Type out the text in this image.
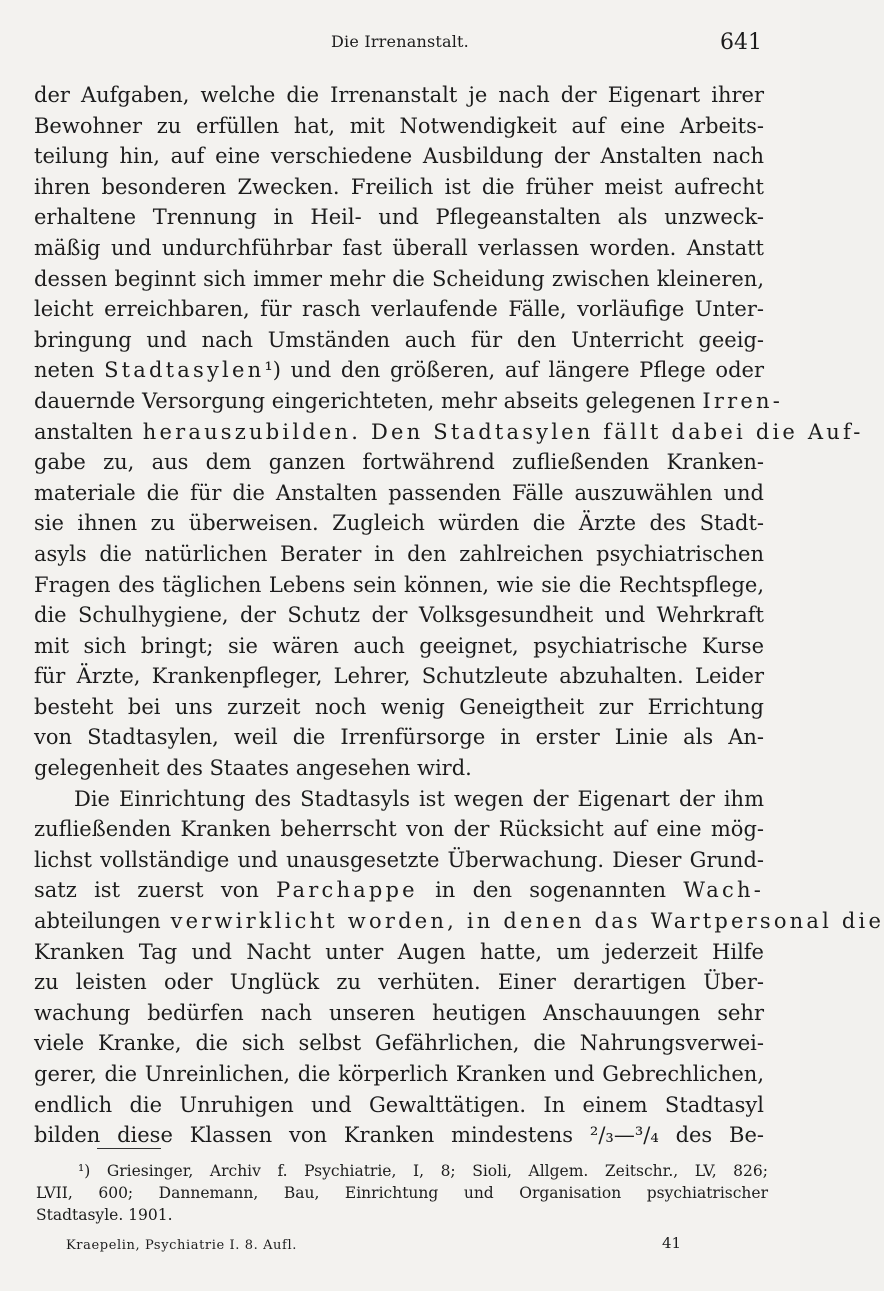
Die Irrenanstalt.	641
der Aufgaben, welche die Irrenanstalt je nach der Eigenart ihrer
Bewohner zu erfüllen hat, mit Notwendigkeit auf eine Arbeits-
teilung hin, auf eine verschiedene Ausbildung der Anstalten nach
ihren besonderen Zwecken. Freilich ist die früher meist aufrecht
erhaltene Trennung in Heil- und Pflegeanstalten als unzweck-
mäßig und undurchführbar fast überall verlassen worden. Anstatt
dessen beginnt sich immer mehr die Scheidung zwischen kleineren,
leicht erreichbaren, für rasch verlaufende Fälle, vorläufige Unter-
bringung und nach Umständen auch für den Unterricht geeig-
neten Stadtasylen¹) und den größeren, auf längere Pflege oder
dauernde Versorgung eingerichteten, mehr abseits gelegenen Irren-
anstalten herauszubilden. Den Stadtasylen fällt dabei die Auf-
gabe zu, aus dem ganzen fortwährend zufließenden Kranken-
materiale die für die Anstalten passenden Fälle auszuwählen und
sie ihnen zu überweisen. Zugleich würden die Ärzte des Stadt-
asyls die natürlichen Berater in den zahlreichen psychiatrischen
Fragen des täglichen Lebens sein können, wie sie die Rechtspflege,
die Schulhygiene, der Schutz der Volksgesundheit und Wehrkraft
mit sich bringt; sie wären auch geeignet, psychiatrische Kurse
für Ärzte, Krankenpfleger, Lehrer, Schutzleute abzuhalten. Leider
besteht bei uns zurzeit noch wenig Geneigtheit zur Errichtung
von Stadtasylen, weil die Irrenfürsorge in erster Linie als An-
gelegenheit des Staates angesehen wird.
Die Einrichtung des Stadtasyls ist wegen der Eigenart der ihm
zufließenden Kranken beherrscht von der Rücksicht auf eine mög-
lichst vollständige und unausgesetzte Überwachung. Dieser Grund-
satz ist zuerst von Parchappe in den sogenannten Wach-
abteilungen verwirklicht worden, in denen das Wartpersonal die
Kranken Tag und Nacht unter Augen hatte, um jederzeit Hilfe
zu leisten oder Unglück zu verhüten. Einer derartigen Über-
wachung bedürfen nach unseren heutigen Anschauungen sehr
viele Kranke, die sich selbst Gefährlichen, die Nahrungsverwei-
gerer, die Unreinlichen, die körperlich Kranken und Gebrechlichen,
endlich die Unruhigen und Gewalttätigen. In einem Stadtasyl
bilden diese Klassen von Kranken mindestens ²/₃—³/₄ des Be-
¹) Griesinger, Archiv f. Psychiatrie, I, 8; Sioli, Allgem. Zeitschr., LV, 826;
LVII, 600; Dannemann, Bau, Einrichtung und Organisation psychiatrischer
Stadtasyle. 1901.
Kraepelin, Psychiatrie I. 8. Aufl.	41
